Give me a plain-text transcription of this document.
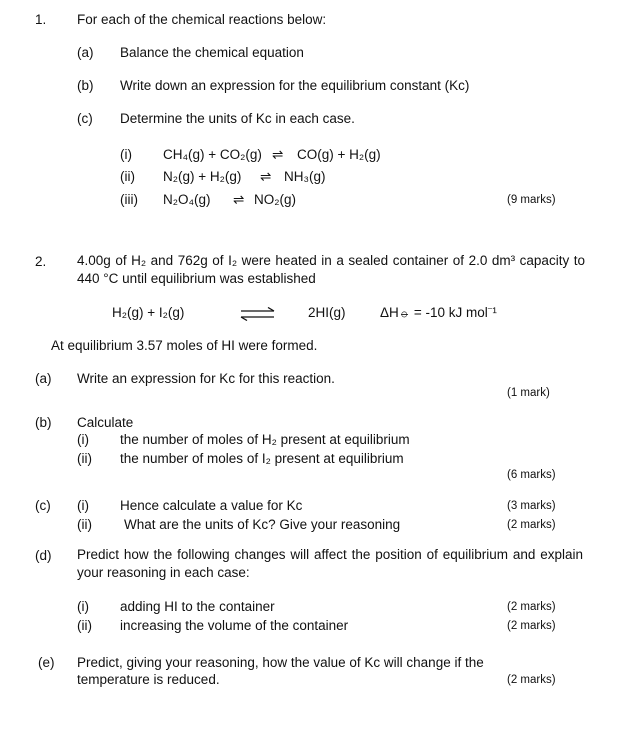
1. For each of the chemical reactions below:
(a) Balance the chemical equation
(b) Write down an expression for the equilibrium constant (Kᴄ)
(c) Determine the units of Kᴄ in each case.
(i) CH₄(g) + CO₂(g) ⇌ CO(g) + H₂(g)
(ii) N₂(g) + H₂(g) ⇌ NH₃(g)
(iii) N₂O₄(g) ⇌ NO₂(g)	(9 marks)
2. 4.00g of H₂ and 762g of I₂ were heated in a sealed container of 2.0 dm³ capacity to 440 °C until equilibrium was established
H₂(g) + I₂(g)	2HI(g)	ΔH⦵ = -10 kJ mol⁻¹
At equilibrium 3.57 moles of HI were formed.
(a) Write an expression for Kᴄ for this reaction.
(1 mark)
(b) Calculate
(i) the number of moles of H₂ present at equilibrium
(ii) the number of moles of I₂ present at equilibrium
(6 marks)
(c) (i) Hence calculate a value for Kc	(3 marks)
(ii) What are the units of Kc? Give your reasoning	(2 marks)
(d) Predict how the following changes will affect the position of equilibrium and explain your reasoning in each case:
(i) adding HI to the container	(2 marks)
(ii) increasing the volume of the container	(2 marks)
(e) Predict, giving your reasoning, how the value of Kc will change if the
temperature is reduced.	(2 marks)
